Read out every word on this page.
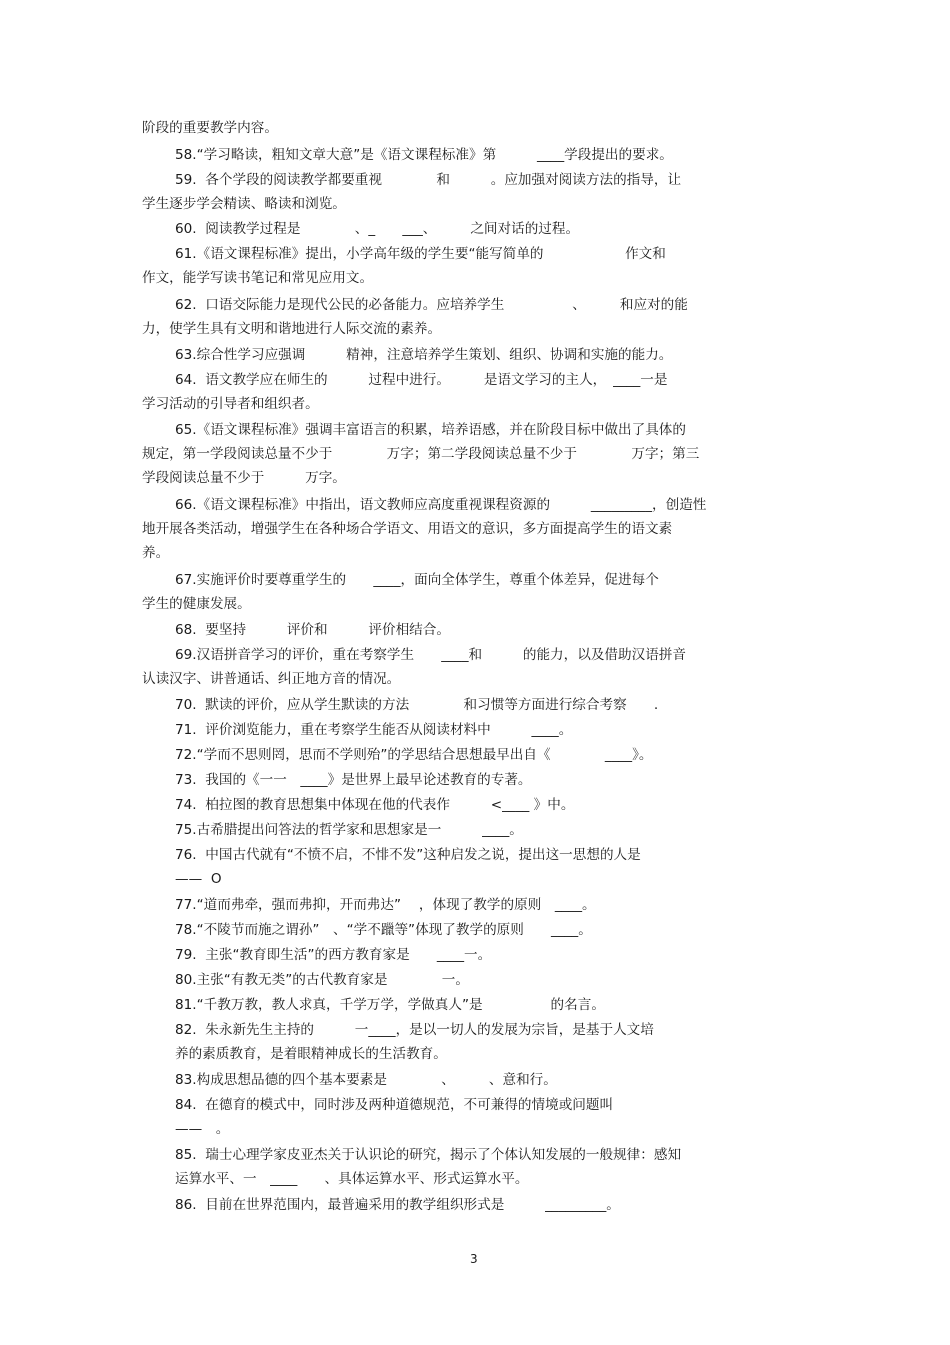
阶段的重要教学内容。
58.“学习略读，粗知文章大意”是《语文课程标准》第　　　____学段提出的要求。
59.  各个学段的阅读教学都要重视　　　　和　　　。应加强对阅读方法的指导，让
学生逐步学会精读、略读和浏览。
60.  阅读教学过程是　　　　、_　　___、　　　之间对话的过程。
61.《语文课程标准》提出，小学高年级的学生要“能写简单的　　　　　　作文和
作文，能学写读书笔记和常见应用文。
62.  口语交际能力是现代公民的必备能力。应培养学生　　　　　、　　　和应对的能
力，使学生具有文明和谐地进行人际交流的素养。
63.综合性学习应强调　　　精神，注意培养学生策划、组织、协调和实施的能力。
64.  语文教学应在师生的　　　过程中进行。　　　是语文学习的主人，　____一是
学习活动的引导者和组织者。
65.《语文课程标准》强调丰富语言的积累，培养语感，并在阶段目标中做出了具体的
规定，第一学段阅读总量不少于　　　　万字；第二学段阅读总量不少于　　　　万字；第三
学段阅读总量不少于　　　万字。
66.《语文课程标准》中指出，语文教师应高度重视课程资源的　　　_________，创造性
地开展各类活动，增强学生在各种场合学语文、用语文的意识，多方面提高学生的语文素
养。
67.实施评价时要尊重学生的　　____，面向全体学生，尊重个体差异，促进每个
学生的健康发展。
68.  要坚持　　　评价和　　　评价相结合。
69.汉语拼音学习的评价，重在考察学生　　____和　　　的能力，以及借助汉语拼音
认读汉字、讲普通话、纠正地方音的情况。
70.  默读的评价，应从学生默读的方法　　　　和习惯等方面进行综合考察　　.
71.  评价浏览能力，重在考察学生能否从阅读材料中　　　____。
72.“学而不思则罔，思而不学则殆”的学思结合思想最早出自《　　　　____》。
73.  我国的《一一　____》是世界上最早论述教育的专著。
74.  柏拉图的教育思想集中体现在他的代表作　　　<____ 》中。
75.古希腊提出问答法的哲学家和思想家是一　　　____。
76.  中国古代就有“不愤不启，不悱不发”这种启发之说，提出这一思想的人是
——  O
77.“道而弗牵，强而弗抑，开而弗达”　 ，体现了教学的原则　____。
78.“不陵节而施之谓孙”　、“学不躐等”体现了教学的原则　　____。
79.  主张“教育即生活”的西方教育家是　　____一。
80.主张“有教无类”的古代教育家是　　　　一。
81.“千教万教，教人求真，千学万学，学做真人”是　　　　　的名言。
82.  朱永新先生主持的　　　一____，是以一切人的发展为宗旨，是基于人文培
养的素质教育，是着眼精神成长的生活教育。
83.构成思想品德的四个基本要素是　　　　、　　　、意和行。
84.  在德育的模式中，同时涉及两种道德规范，不可兼得的情境或问题叫
——　。
85.  瑞士心理学家皮亚杰关于认识论的研究，揭示了个体认知发展的一般规律：感知
运算水平、一　____　　、具体运算水平、形式运算水平。
86.  目前在世界范围内，最普遍采用的教学组织形式是　　　_________。
3
